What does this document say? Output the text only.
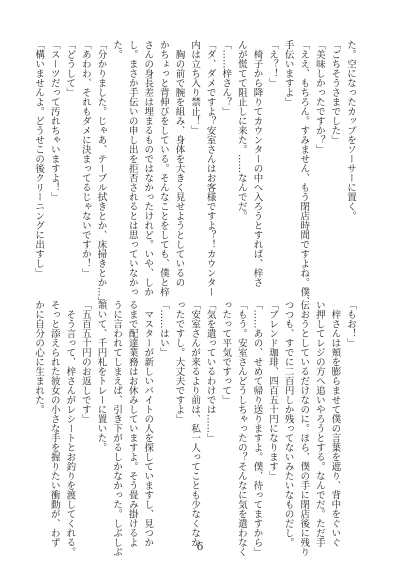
た。空になったカップをソーサーに置く。

「ごちそうさまでした」

「美味しかったですか？」

「ええ、もちろん。すみません、もう閉店時間ですよね。僕、

手伝いますよ」

「え？！」

　椅子から降りてカウンターの中へ入ろうとすれば、梓さ

んが慌てて阻止しに来た。……なんでだ。

「……梓さん？」

「ダ、ダメですよ？安室さんはお客様ですよ？！カウンター

内は立ち入り禁止！」

　胸の前で腕を組み、身体を大きく見せようとしているの

かちょっと背伸びをしている。そんなことをしても、僕と梓

さんの身長差は埋まるものではなかったけれど。いや、しか

し。まさか手伝いの申し出を拒否されるとは思っていなかっ

た。

「分かりました。じゃあ、テーブル拭きとか、床掃きとか…」

「あわわ、それもダメに決まってるじゃないですか！」

「どうして」

「スーツだって汚れちゃいますよ！」

「構いませんよ。どうせこの後クリーニングに出すし」

「もお！」

　梓さんは頬を膨らませて僕の言葉を遮り、背中をぐいぐ

い押してレジの方へ追いやろうとする。なんでだ。ただ手

伝おうとしているだけなのに。ほら、僕の手に閉店後に残り

つつも、すでに二百円しか残ってないみたいなものだし。

「ブレンド珈琲、四百五十円になります」

「……あの、せめて帰り送りますよ。僕、待ってますから」

「もう。安室さんどうしちゃったの？そんなに気を遣わなく

ったって平気ですって」

「気を遣っているわけでは……」

「安室さんが来るより前は、私一人ってことも少なくなか

ったですし。大丈夫ですよ」

「……はい」

　マスターが新しいバイトの人を探していますし、見つか

るまで配達業務はお休みしていますよ。そう畳み掛けるよ

うに言われてしまえば、引き下がるしかなかった。しぶしぶ

頷いて、千円札をトレーに置いた。

「五百五十円のお返しです」

　そう言って、梓さんがレシートとお釣りを渡してくれる。

そっと添えられた彼女の小さな手を握りたい衝動が、わず

かに自分の心に生まれた。

6
